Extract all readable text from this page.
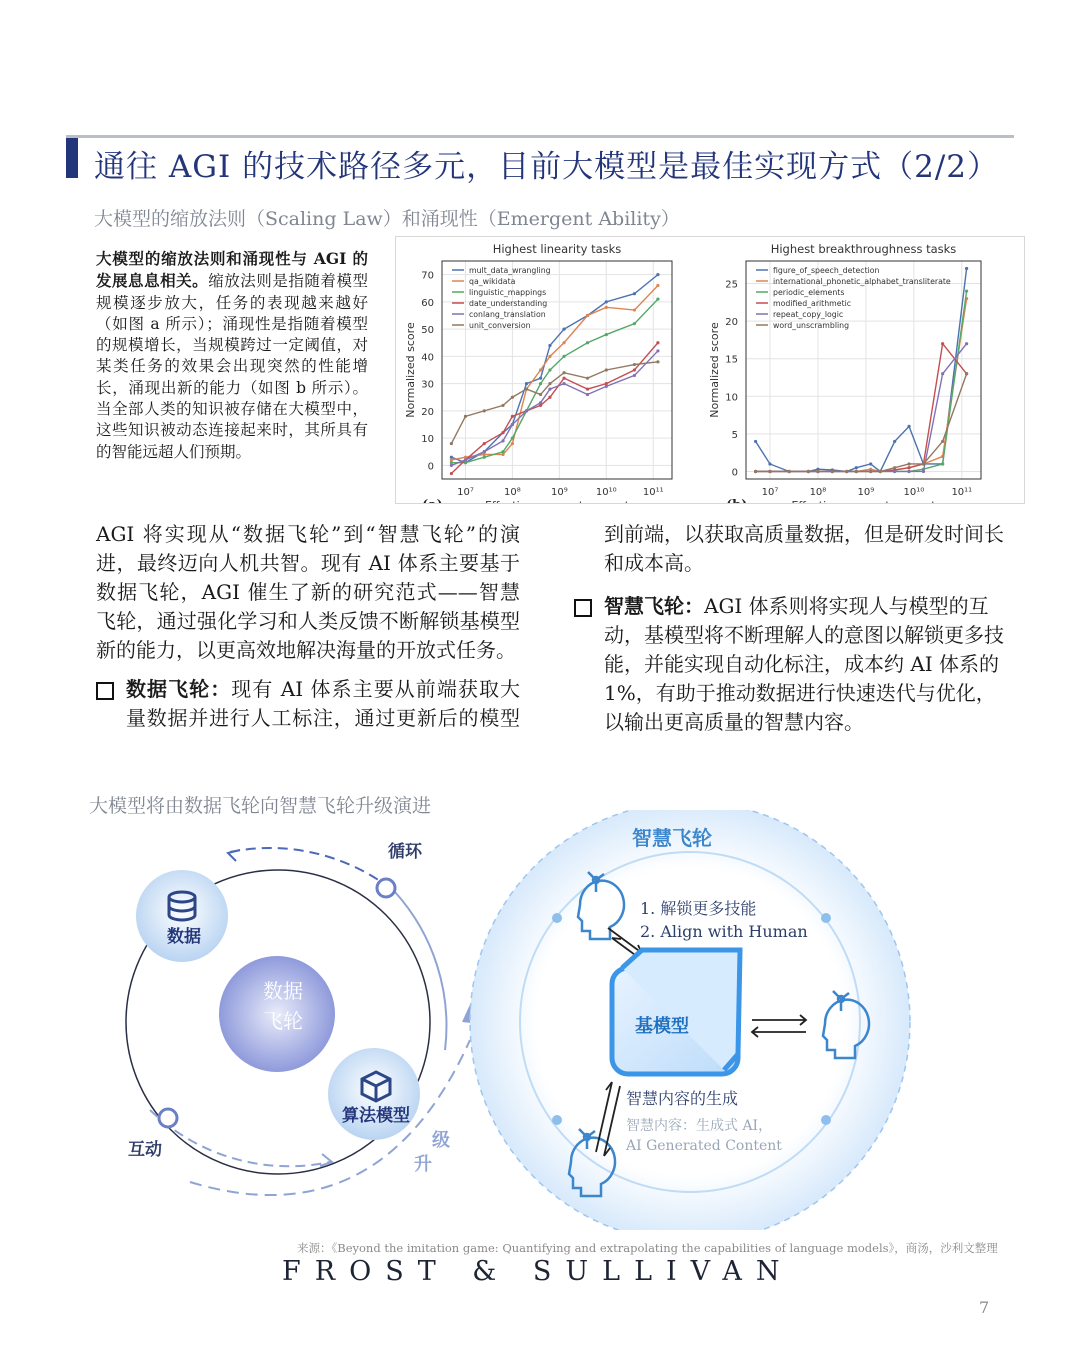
通往 AGI 的技术路径多元，目前大模型是最佳实现方式（2/2）
大模型的缩放法则（Scaling Law）和涌现性（Emergent Ability）
大模型的缩放法则和涌现性与 AGI 的发展息息相关。缩放法则是指随着模型规模逐步放大，任务的表现越来越好（如图 a 所示）；涌现性是指随着模型的规模增长，当规模跨过一定阈值，对某类任务的效果会出现突然的性能增长，涌现出新的能力（如图 b 所示）。当全部人类的知识被存储在大模型中，这些知识被动态连接起来时，其所具有的智能远超人们预期。
Highest linearity tasks
0
10
20
30
40
50
60
70
10⁷	10⁸	10⁹	10¹⁰	10¹¹
Normalized score
mult_data_wrangling
qa_wikidata
linguistic_mappings
date_understanding
conlang_translation
unit_conversion
Highest breakthroughness tasks
0
5
10
15
20
25
10⁷	10⁸	10⁹	10¹⁰	10¹¹
Normalized score
figure_of_speech_detection
international_phonetic_alphabet_transliterate
periodic_elements
modified_arithmetic
repeat_copy_logic
word_unscrambling
AGI 将实现从“数据飞轮”到“智慧飞轮”的演进，最终迈向人机共智。现有 AI 体系主要基于数据飞轮，AGI 催生了新的研究范式——智慧飞轮，通过强化学习和人类反馈不断解锁基模型新的能力，以更高效地解决海量的开放式任务。
数据飞轮：现有 AI 体系主要从前端获取大量数据并进行人工标注，通过更新后的模型
到前端，以获取高质量数据，但是研发时间长和成本高。
智慧飞轮：AGI 体系则将实现人与模型的互动，基模型将不断理解人的意图以解锁更多技能，并能实现自动化标注，成本约 AI 体系的 1%，有助于推动数据进行快速迭代与优化，以输出更高质量的智慧内容。
大模型将由数据飞轮向智慧飞轮升级演进
循环
互动
数据
飞轮
数据
算法模型
级
升
智慧飞轮
1. 解锁更多技能
2. Align with Human
基模型
智慧内容的生成
智慧内容：生成式 AI，
AI Generated Content
来源：《Beyond the imitation game: Quantifying and extrapolating the capabilities of language models》，商汤，沙利文整理
FROST & SULLIVAN
7
